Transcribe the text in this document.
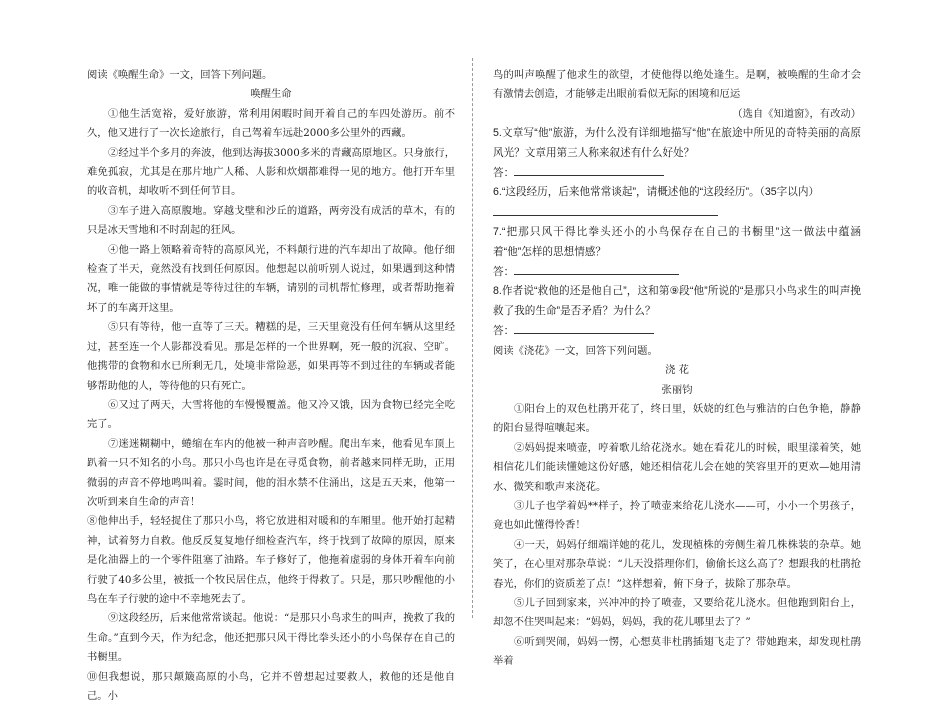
阅读《唤醒生命》一文，回答下列问题。

唤醒生命

①他生活宽裕，爱好旅游，常利用闲暇时间开着自己的车四处游历。前不久，他又进行了一次长途旅行，自己驾着车远赴2000多公里外的西藏。

②经过半个多月的奔波，他到达海拔3000多米的青藏高原地区。只身旅行，难免孤寂，尤其是在那片地广人稀、人影和炊烟都难得一见的地方。他打开车里的收音机，却收听不到任何节目。

③车子进入高原腹地。穿越戈壁和沙丘的道路，两旁没有成活的草木，有的只是冰天雪地和不时刮起的狂风。

④他一路上领略着奇特的高原风光，不料颠行进的汽车却出了故障。他仔细检查了半天，竟然没有找到任何原因。他想起以前听别人说过，如果遇到这种情况，唯一能做的事情就是等待过往的车辆，请别的司机帮忙修理，或者帮助拖着坏了的车离开这里。

⑤只有等待，他一直等了三天。糟糕的是，三天里竟没有任何车辆从这里经过，甚至连一个人影都没看见。那是怎样的一个世界啊，死一般的沉寂、空旷。他携带的食物和水已所剩无几，处境非常险恶，如果再等不到过往的车辆或者能够帮助他的人，等待他的只有死亡。

⑥又过了两天，大雪将他的车慢慢覆盖。他又冷又饿，因为食物已经完全吃完了。

⑦迷迷糊糊中，蜷缩在车内的他被一种声音吵醒。爬出车来，他看见车顶上趴着一只不知名的小鸟。那只小鸟也许是在寻觅食物，前者越来同样无助，正用微弱的声音不停地鸣叫着。霎时间，他的泪水禁不住涌出，这是五天来，他第一次听到来自生命的声音！

⑧他伸出手，轻轻捉住了那只小鸟，将它放进相对暖和的车厢里。他开始打起精神，试着努力自救。他反反复复地仔细检查汽车，终于找到了故障的原因，原来是化油器上的一个零件阻塞了油路。车子修好了，他拖着虚弱的身体开着车向前行驶了40多公里，被抵一个牧民居住点，他终于得救了。只是，那只吵醒他的小鸟在车子行驶的途中不幸地死去了。

⑨这段经历，后来他常常谈起。他说：“是那只小鸟求生的叫声，挽救了我的生命。”直到今天，作为纪念，他还把那只风干得比拳头还小的小鸟保存在自己的书橱里。

⑩但我想说，那只颠簸高原的小鸟，它并不曾想起过要救人，救他的还是他自己。小

鸟的叫声唤醒了他求生的欲望，才使他得以绝处逢生。是啊，被唤醒的生命才会有激情去创造，才能够走出眼前看似无际的困境和厄运

（选自《知道窗》，有改动）

5.文章写“他”旅游，为什么没有详细地描写“他”在旅途中所见的奇特美丽的高原风光？文章用第三人称来叙述有什么好处？

答：

6.“这段经历，后来他常常谈起”，请概述他的“这段经历”。（35字以内）

7.“把那只风干得比拳头还小的小鸟保存在自己的书橱里”这一做法中蕴涵着“他”怎样的思想情感？

答：

8.作者说“救他的还是他自己”，这和第⑨段“他”所说的“是那只小鸟求生的叫声挽救了我的生命”是否矛盾？为什么？

答：

阅读《浇花》一文，回答下列问题。

浇 花

张丽钧

①阳台上的双色杜鹃开花了，终日里，妖娆的红色与雅洁的白色争艳，静静的阳台显得喧嚷起来。

②妈妈提来喷壶，哼着歌儿给花浇水。她在看花儿的时候，眼里漾着笑，她相信花儿们能读懂她这份好感，她还相信花儿会在她的笑容里开的更欢—她用清水、微笑和歌声来浇花。

③儿子也学着妈**样子，拎了喷壶来给花儿浇水——可，小小一个男孩子，竟也如此懂得怜香！

④一天，妈妈仔细端详她的花儿，发现植株的旁侧生着几株株装的杂草。她笑了，在心里对那杂草说：“儿天没搭理你们，偷偷长这么高了？想跟我的杜鹃抢春光，你们的资质差了点！”这样想着，俯下身子，拔除了那杂草。

⑤儿子回到家来，兴冲冲的拎了喷壶，又要给花儿浇水。但他跑到阳台上，却忽不住哭叫起来：“妈妈，妈妈，我的花儿哪里去了？”

⑥听到哭闹，妈妈一愣，心想莫非杜鹃插翅飞走了？带她跑来，却发现杜鹃举着
